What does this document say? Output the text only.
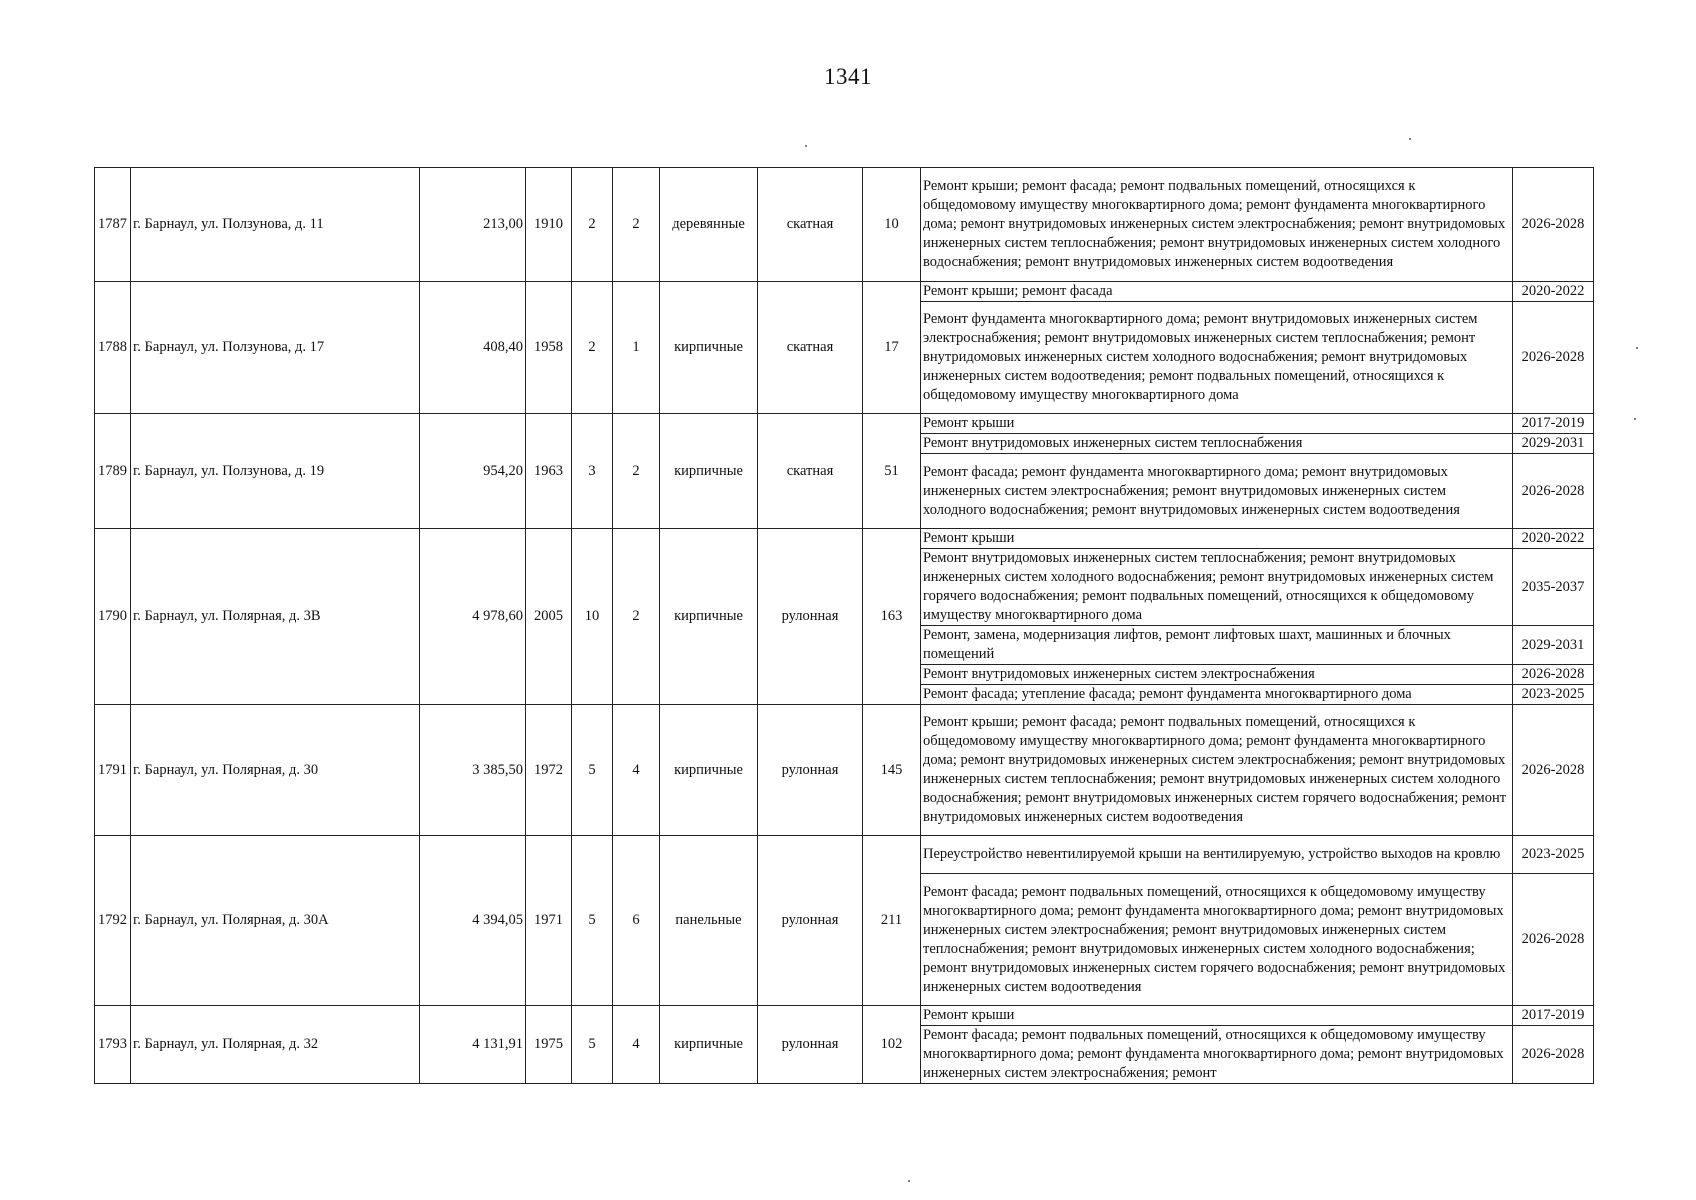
1341
1787	г. Барнаул, ул. Ползунова, д. 11	213,00	1910	2	2	деревянные	скатная	10	Ремонт крыши; ремонт фасада; ремонт подвальных помещений, относящихся к общедомовому имуществу многоквартирного дома; ремонт фундамента многоквартирного дома; ремонт внутридомовых инженерных систем электроснабжения; ремонт внутридомовых инженерных систем теплоснабжения; ремонт внутридомовых инженерных систем холодного водоснабжения; ремонт внутридомовых инженерных систем водоотведения	2026-2028
1788	г. Барнаул, ул. Ползунова, д. 17	408,40	1958	2	1	кирпичные	скатная	17	Ремонт крыши; ремонт фасада	2020-2022
									Ремонт фундамента многоквартирного дома; ремонт внутридомовых инженерных систем электроснабжения; ремонт внутридомовых инженерных систем теплоснабжения; ремонт внутридомовых инженерных систем холодного водоснабжения; ремонт внутридомовых инженерных систем водоотведения; ремонт подвальных помещений, относящихся к общедомовому имуществу многоквартирного дома	2026-2028
1789	г. Барнаул, ул. Ползунова, д. 19	954,20	1963	3	2	кирпичные	скатная	51	Ремонт крыши	2017-2019
									Ремонт внутридомовых инженерных систем теплоснабжения	2029-2031
									Ремонт фасада; ремонт фундамента многоквартирного дома; ремонт внутридомовых инженерных систем электроснабжения; ремонт внутридомовых инженерных систем холодного водоснабжения; ремонт внутридомовых инженерных систем водоотведения	2026-2028
1790	г. Барнаул, ул. Полярная, д. 3В	4 978,60	2005	10	2	кирпичные	рулонная	163	Ремонт крыши	2020-2022
									Ремонт внутридомовых инженерных систем теплоснабжения; ремонт внутридомовых инженерных систем холодного водоснабжения; ремонт внутридомовых инженерных систем горячего водоснабжения; ремонт подвальных помещений, относящихся к общедомовому имуществу многоквартирного дома	2035-2037
									Ремонт, замена, модернизация лифтов, ремонт лифтовых шахт, машинных и блочных помещений	2029-2031
									Ремонт внутридомовых инженерных систем электроснабжения	2026-2028
									Ремонт фасада; утепление фасада; ремонт фундамента многоквартирного дома	2023-2025
1791	г. Барнаул, ул. Полярная, д. 30	3 385,50	1972	5	4	кирпичные	рулонная	145	Ремонт крыши; ремонт фасада; ремонт подвальных помещений, относящихся к общедомовому имуществу многоквартирного дома; ремонт фундамента многоквартирного дома; ремонт внутридомовых инженерных систем электроснабжения; ремонт внутридомовых инженерных систем теплоснабжения; ремонт внутридомовых инженерных систем холодного водоснабжения; ремонт внутридомовых инженерных систем горячего водоснабжения; ремонт внутридомовых инженерных систем водоотведения	2026-2028
1792	г. Барнаул, ул. Полярная, д. 30А	4 394,05	1971	5	6	панельные	рулонная	211	Переустройство невентилируемой крыши на вентилируемую, устройство выходов на кровлю	2023-2025
									Ремонт фасада; ремонт подвальных помещений, относящихся к общедомовому имуществу многоквартирного дома; ремонт фундамента многоквартирного дома; ремонт внутридомовых инженерных систем электроснабжения; ремонт внутридомовых инженерных систем теплоснабжения; ремонт внутридомовых инженерных систем холодного водоснабжения; ремонт внутридомовых инженерных систем горячего водоснабжения; ремонт внутридомовых инженерных систем водоотведения	2026-2028
1793	г. Барнаул, ул. Полярная, д. 32	4 131,91	1975	5	4	кирпичные	рулонная	102	Ремонт крыши	2017-2019
									Ремонт фасада; ремонт подвальных помещений, относящихся к общедомовому имуществу многоквартирного дома; ремонт фундамента многоквартирного дома; ремонт внутридомовых инженерных систем электроснабжения; ремонт	2026-2028
